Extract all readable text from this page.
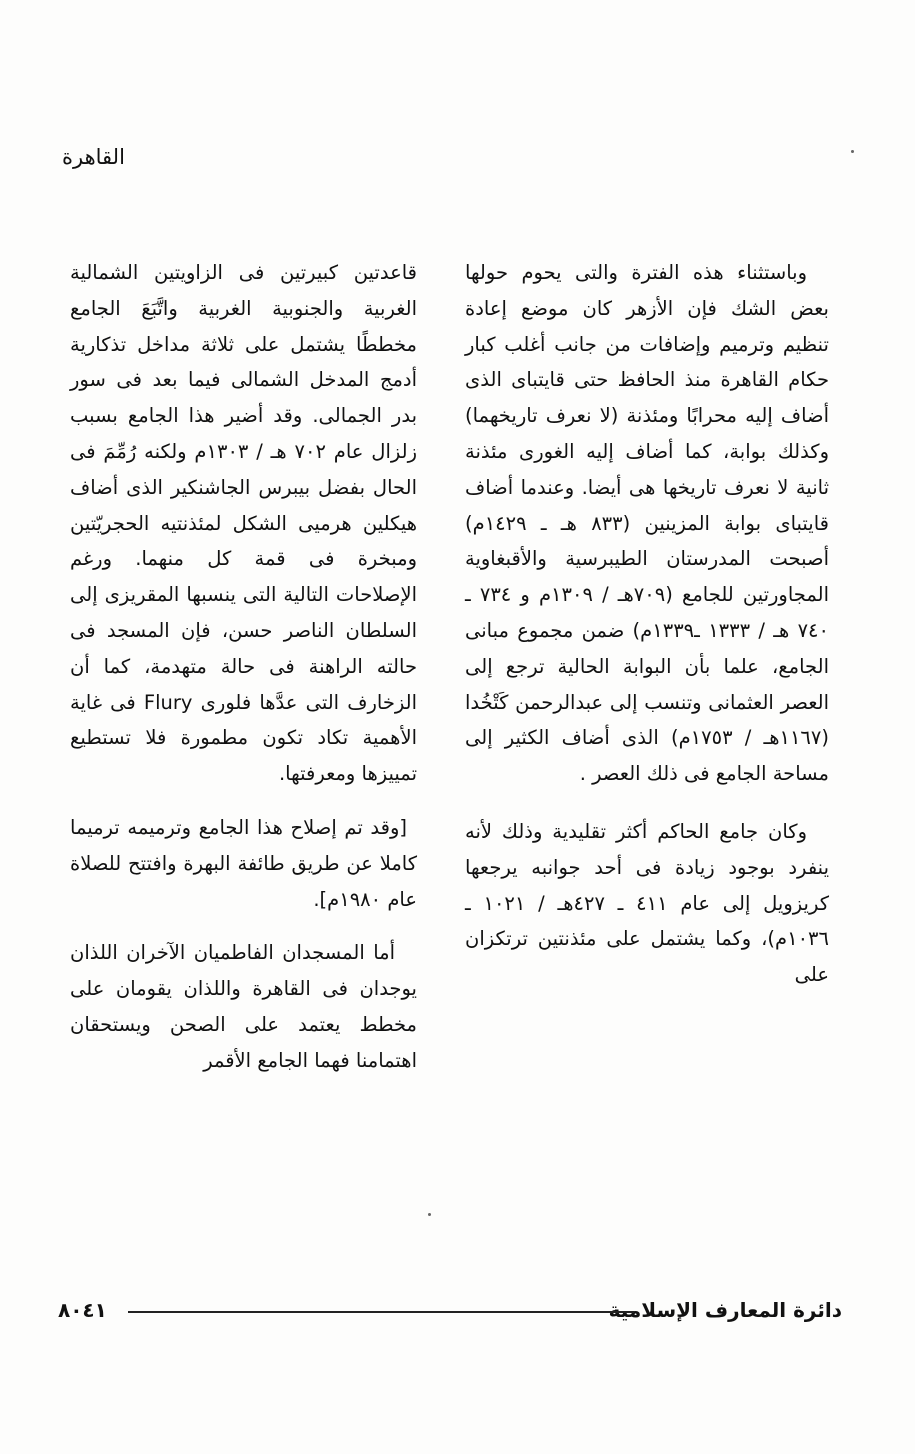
القاهرة

وباستثناء هذه الفترة والتى يحوم حولها بعض الشك فإن الأزهر كان موضع إعادة تنظيم وترميم وإضافات من جانب أغلب كبار حكام القاهرة منذ الحافظ حتى قايتباى الذى أضاف إليه محرابًا ومئذنة (لا نعرف تاريخهما) وكذلك بوابة، كما أضاف إليه الغورى مئذنة ثانية لا نعرف تاريخها هى أيضا. وعندما أضاف قايتباى بوابة المزينين (٨٣٣ هـ ـ ١٤٢٩م) أصبحت المدرستان الطيبرسية والأقبغاوية المجاورتين للجامع (٧٠٩هـ / ١٣٠٩م و ٧٣٤ ـ ٧٤٠ هـ / ١٣٣٣ ـ١٣٣٩م) ضمن مجموع مبانى الجامع، علما بأن البوابة الحالية ترجع إلى العصر العثمانى وتنسب إلى عبدالرحمن كَتْخُدا (١١٦٧هـ / ١٧٥٣م) الذى أضاف الكثير إلى مساحة الجامع فى ذلك العصر .

وكان جامع الحاكم أكثر تقليدية وذلك لأنه ينفرد بوجود زيادة فى أحد جوانبه يرجعها كريزويل إلى عام ٤١١ ـ ٤٢٧هـ / ١٠٢١ ـ ١٠٣٦م)، وكما يشتمل على مئذنتين ترتكزان على

قاعدتين كبيرتين فى الزاويتين الشمالية الغربية والجنوبية الغربية واتَّبَعَ الجامع مخططًا يشتمل على ثلاثة مداخل تذكارية أدمج المدخل الشمالى فيما بعد فى سور بدر الجمالى. وقد أضير هذا الجامع بسبب زلزال عام ٧٠٢ هـ / ١٣٠٣م ولكنه رُمِّمَ فى الحال بفضل بيبرس الجاشنكير الذى أضاف هيكلين هرميى الشكل لمئذنتيه الحجريّتين ومبخرة فى قمة كل منهما. ورغم الإصلاحات التالية التى ينسبها المقريزى إلى السلطان الناصر حسن، فإن المسجد فى حالته الراهنة فى حالة متهدمة، كما أن الزخارف التى عدَّها فلورى Flury فى غاية الأهمية تكاد تكون مطمورة فلا تستطيع تمييزها ومعرفتها.

[وقد تم إصلاح هذا الجامع وترميمه ترميما كاملا عن طريق طائفة البهرة وافتتح للصلاة عام ١٩٨٠م].

أما المسجدان الفاطميان الآخران اللذان يوجدان فى القاهرة واللذان يقومان على مخطط يعتمد على الصحن ويستحقان اهتمامنا فهما الجامع الأقمر

دائرة المعارف الإسلامية
٨٠٤١
